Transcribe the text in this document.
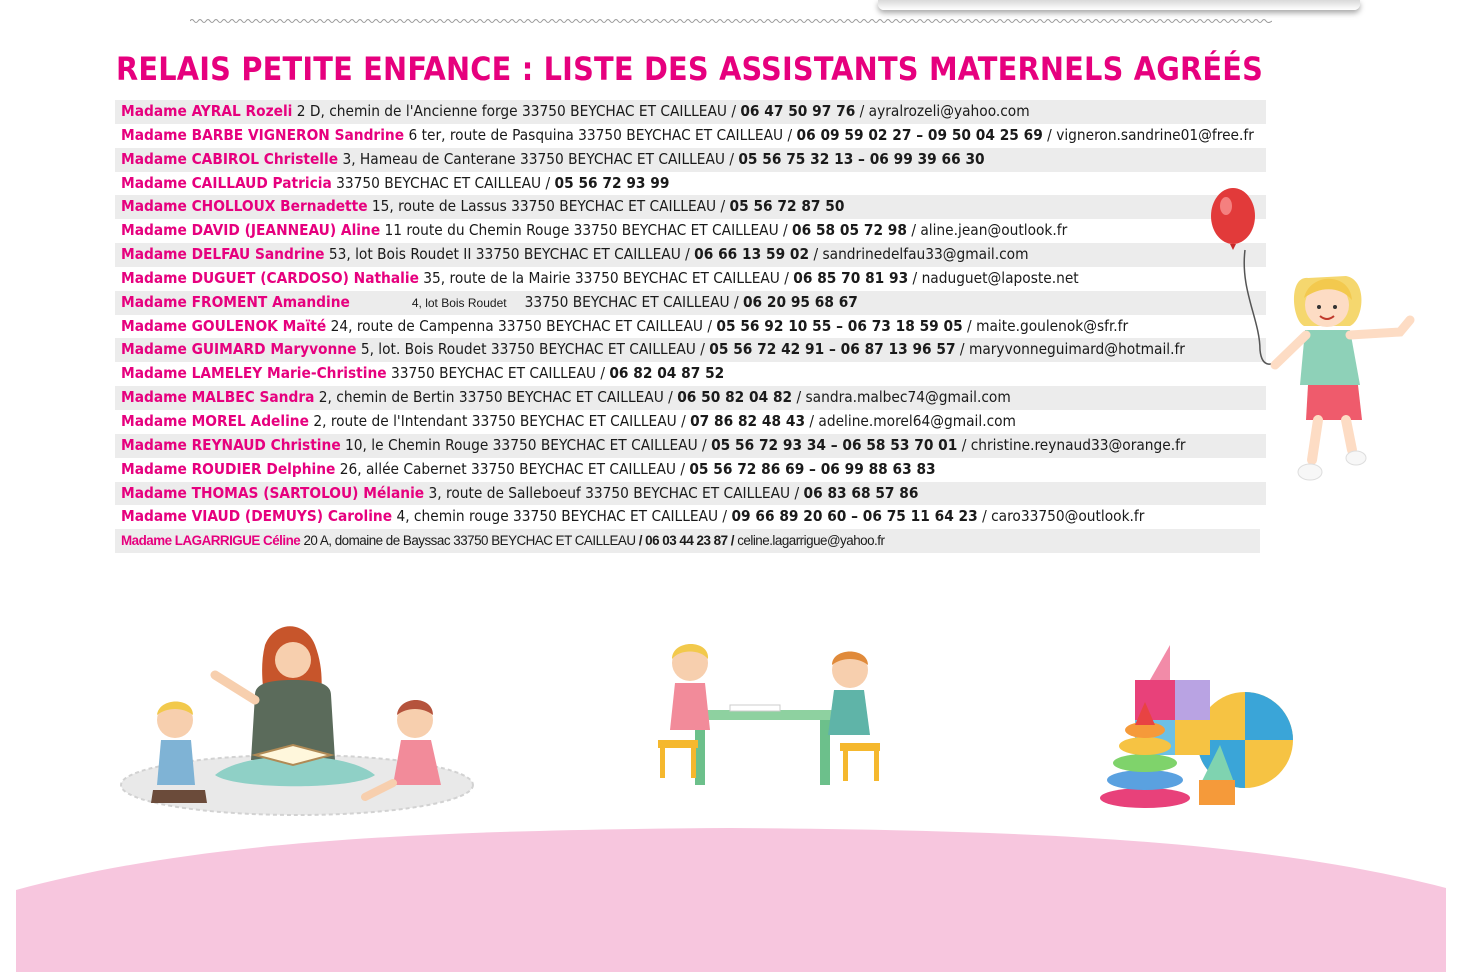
RELAIS PETITE ENFANCE : LISTE DES ASSISTANTS MATERNELS AGRÉÉS
Madame AYRAL Rozeli 2 D, chemin de l'Ancienne forge 33750 BEYCHAC ET CAILLEAU / 06 47 50 97 76 / ayralrozeli@yahoo.com
Madame BARBE VIGNERON Sandrine 6 ter, route de Pasquina 33750 BEYCHAC ET CAILLEAU / 06 09 59 02 27 – 09 50 04 25 69 / vigneron.sandrine01@free.fr
Madame CABIROL Christelle 3, Hameau de Canterane 33750 BEYCHAC ET CAILLEAU / 05 56 75 32 13 – 06 99 39 66 30
Madame CAILLAUD Patricia 33750 BEYCHAC ET CAILLEAU / 05 56 72 93 99
Madame CHOLLOUX Bernadette 15, route de Lassus 33750 BEYCHAC ET CAILLEAU / 05 56 72 87 50
Madame DAVID (JEANNEAU) Aline 11 route du Chemin Rouge 33750 BEYCHAC ET CAILLEAU / 06 58 05 72 98 / aline.jean@outlook.fr
Madame DELFAU Sandrine 53, lot Bois Roudet II 33750 BEYCHAC ET CAILLEAU / 06 66 13 59 02 / sandrinedelfau33@gmail.com
Madame DUGUET (CARDOSO) Nathalie 35, route de la Mairie 33750 BEYCHAC ET CAILLEAU / 06 85 70 81 93 / naduguet@laposte.net
Madame FROMENT Amandine	4, lot Bois Roudet 33750 BEYCHAC ET CAILLEAU / 06 20 95 68 67
Madame GOULENOK Maïté 24, route de Campenna 33750 BEYCHAC ET CAILLEAU / 05 56 92 10 55 – 06 73 18 59 05 / maite.goulenok@sfr.fr
Madame GUIMARD Maryvonne 5, lot. Bois Roudet 33750 BEYCHAC ET CAILLEAU / 05 56 72 42 91 – 06 87 13 96 57 / maryvonneguimard@hotmail.fr
Madame LAMELEY Marie-Christine 33750 BEYCHAC ET CAILLEAU / 06 82 04 87 52
Madame MALBEC Sandra 2, chemin de Bertin 33750 BEYCHAC ET CAILLEAU / 06 50 82 04 82 / sandra.malbec74@gmail.com
Madame MOREL Adeline 2, route de l'Intendant 33750 BEYCHAC ET CAILLEAU / 07 86 82 48 43 / adeline.morel64@gmail.com
Madame REYNAUD Christine 10, le Chemin Rouge 33750 BEYCHAC ET CAILLEAU / 05 56 72 93 34 – 06 58 53 70 01 / christine.reynaud33@orange.fr
Madame ROUDIER Delphine 26, allée Cabernet 33750 BEYCHAC ET CAILLEAU / 05 56 72 86 69 – 06 99 88 63 83
Madame THOMAS (SARTOLOU) Mélanie 3, route de Salleboeuf 33750 BEYCHAC ET CAILLEAU / 06 83 68 57 86
Madame VIAUD (DEMUYS) Caroline 4, chemin rouge 33750 BEYCHAC ET CAILLEAU / 09 66 89 20 60 – 06 75 11 64 23 / caro33750@outlook.fr
Madame LAGARRIGUE Céline 20 A, domaine de Bayssac 33750 BEYCHAC ET CAILLEAU / 06 03 44 23 87 / celine.lagarrigue@yahoo.fr
